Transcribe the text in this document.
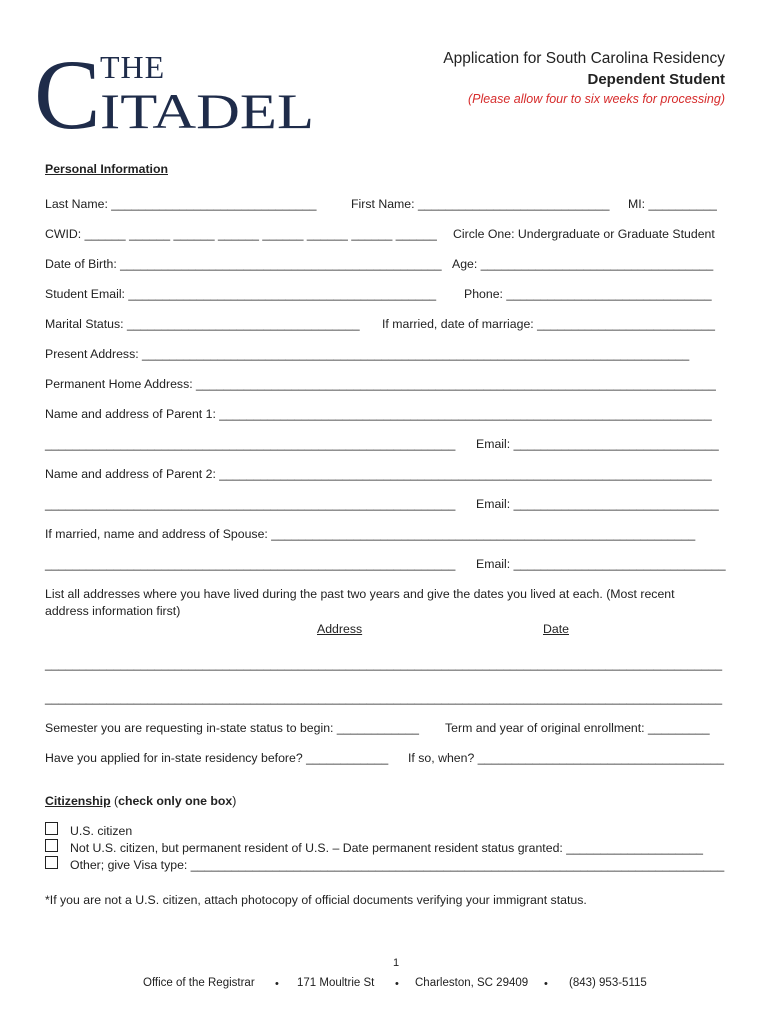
C THE
ITADEL
Application for South Carolina Residency
Dependent Student
(Please allow four to six weeks for processing)
Personal Information
Last Name: ______________________________	First Name: ____________________________ MI: __________
CWID: ______ ______ ______ ______ ______ ______ ______ ______ Circle One: Undergraduate or Graduate Student
Date of Birth: _______________________________________________ Age: __________________________________
Student Email: _____________________________________________ Phone: ______________________________
Marital Status: __________________________________ If married, date of marriage: __________________________
Present Address: ________________________________________________________________________________
Permanent Home Address: ____________________________________________________________________________
Name and address of Parent 1: ________________________________________________________________________
____________________________________________________________ Email: ______________________________
Name and address of Parent 2: ________________________________________________________________________
____________________________________________________________ Email: ______________________________
If married, name and address of Spouse: ______________________________________________________________
____________________________________________________________ Email: _______________________________
List all addresses where you have lived during the past two years and give the dates you lived at each. (Most recent
address information first)
Address	Date
___________________________________________________________________________________________________
___________________________________________________________________________________________________
Semester you are requesting in-state status to begin: ____________ Term and year of original enrollment: _________
Have you applied for in-state residency before? ____________ If so, when? ____________________________________
Citizenship (check only one box)
U.S. citizen
Not U.S. citizen, but permanent resident of U.S. – Date permanent resident status granted: ____________________
Other; give Visa type: ______________________________________________________________________________
*If you are not a U.S. citizen, attach photocopy of official documents verifying your immigrant status.
1
Office of the Registrar • 171 Moultrie St • Charleston, SC 29409 • (843) 953-5115
